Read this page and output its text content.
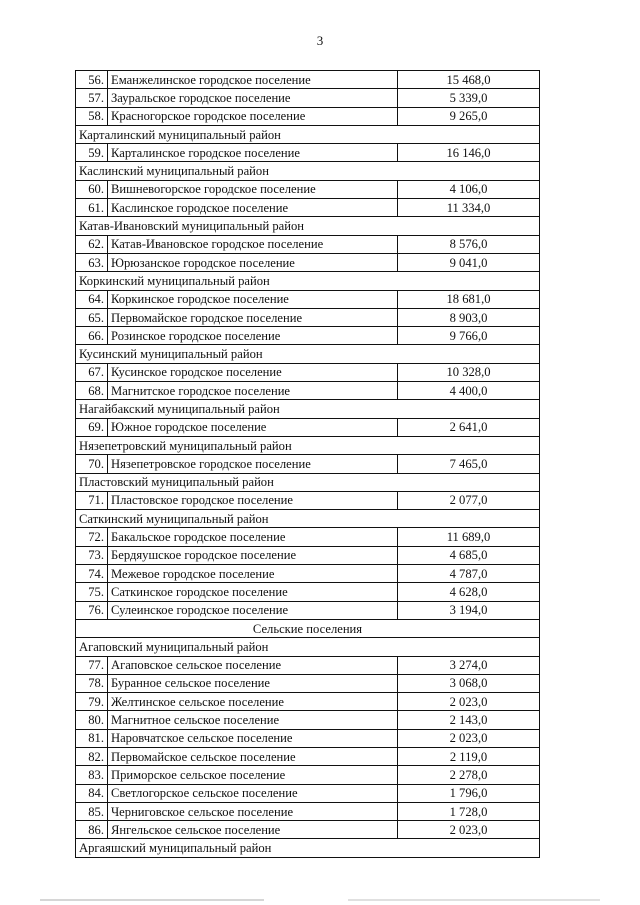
3
56.	Еманжелинское городское поселение	15 468,0
57.	Зауральское городское поселение	5 339,0
58.	Красногорское городское поселение	9 265,0
Карталинский муниципальный район		
59.	Карталинское городское поселение	16 146,0
Каслинский муниципальный район		
60.	Вишневогорское городское поселение	4 106,0
61.	Каслинское городское поселение	11 334,0
Катав-Ивановский муниципальный район		
62.	Катав-Ивановское городское поселение	8 576,0
63.	Юрюзанское городское поселение	9 041,0
Коркинский муниципальный район		
64.	Коркинское городское поселение	18 681,0
65.	Первомайское городское поселение	8 903,0
66.	Розинское городское поселение	9 766,0
Кусинский муниципальный район		
67.	Кусинское городское поселение	10 328,0
68.	Магнитское городское поселение	4 400,0
Нагайбакский муниципальный район		
69.	Южное городское поселение	2 641,0
Нязепетровский муниципальный район		
70.	Нязепетровское городское поселение	7 465,0
Пластовский муниципальный район		
71.	Пластовское городское поселение	2 077,0
Саткинский муниципальный район		
72.	Бакальское городское поселение	11 689,0
73.	Бердяушское городское поселение	4 685,0
74.	Межевое городское поселение	4 787,0
75.	Саткинское городское поселение	4 628,0
76.	Сулеинское городское поселение	3 194,0
Сельские поселения		
Агаповский муниципальный район		
77.	Агаповское сельское поселение	3 274,0
78.	Буранное сельское поселение	3 068,0
79.	Желтинское сельское поселение	2 023,0
80.	Магнитное сельское поселение	2 143,0
81.	Наровчатское сельское поселение	2 023,0
82.	Первомайское сельское поселение	2 119,0
83.	Приморское сельское поселение	2 278,0
84.	Светлогорское сельское поселение	1 796,0
85.	Черниговское сельское поселение	1 728,0
86.	Янгельское сельское поселение	2 023,0
Аргаяшский муниципальный район		
